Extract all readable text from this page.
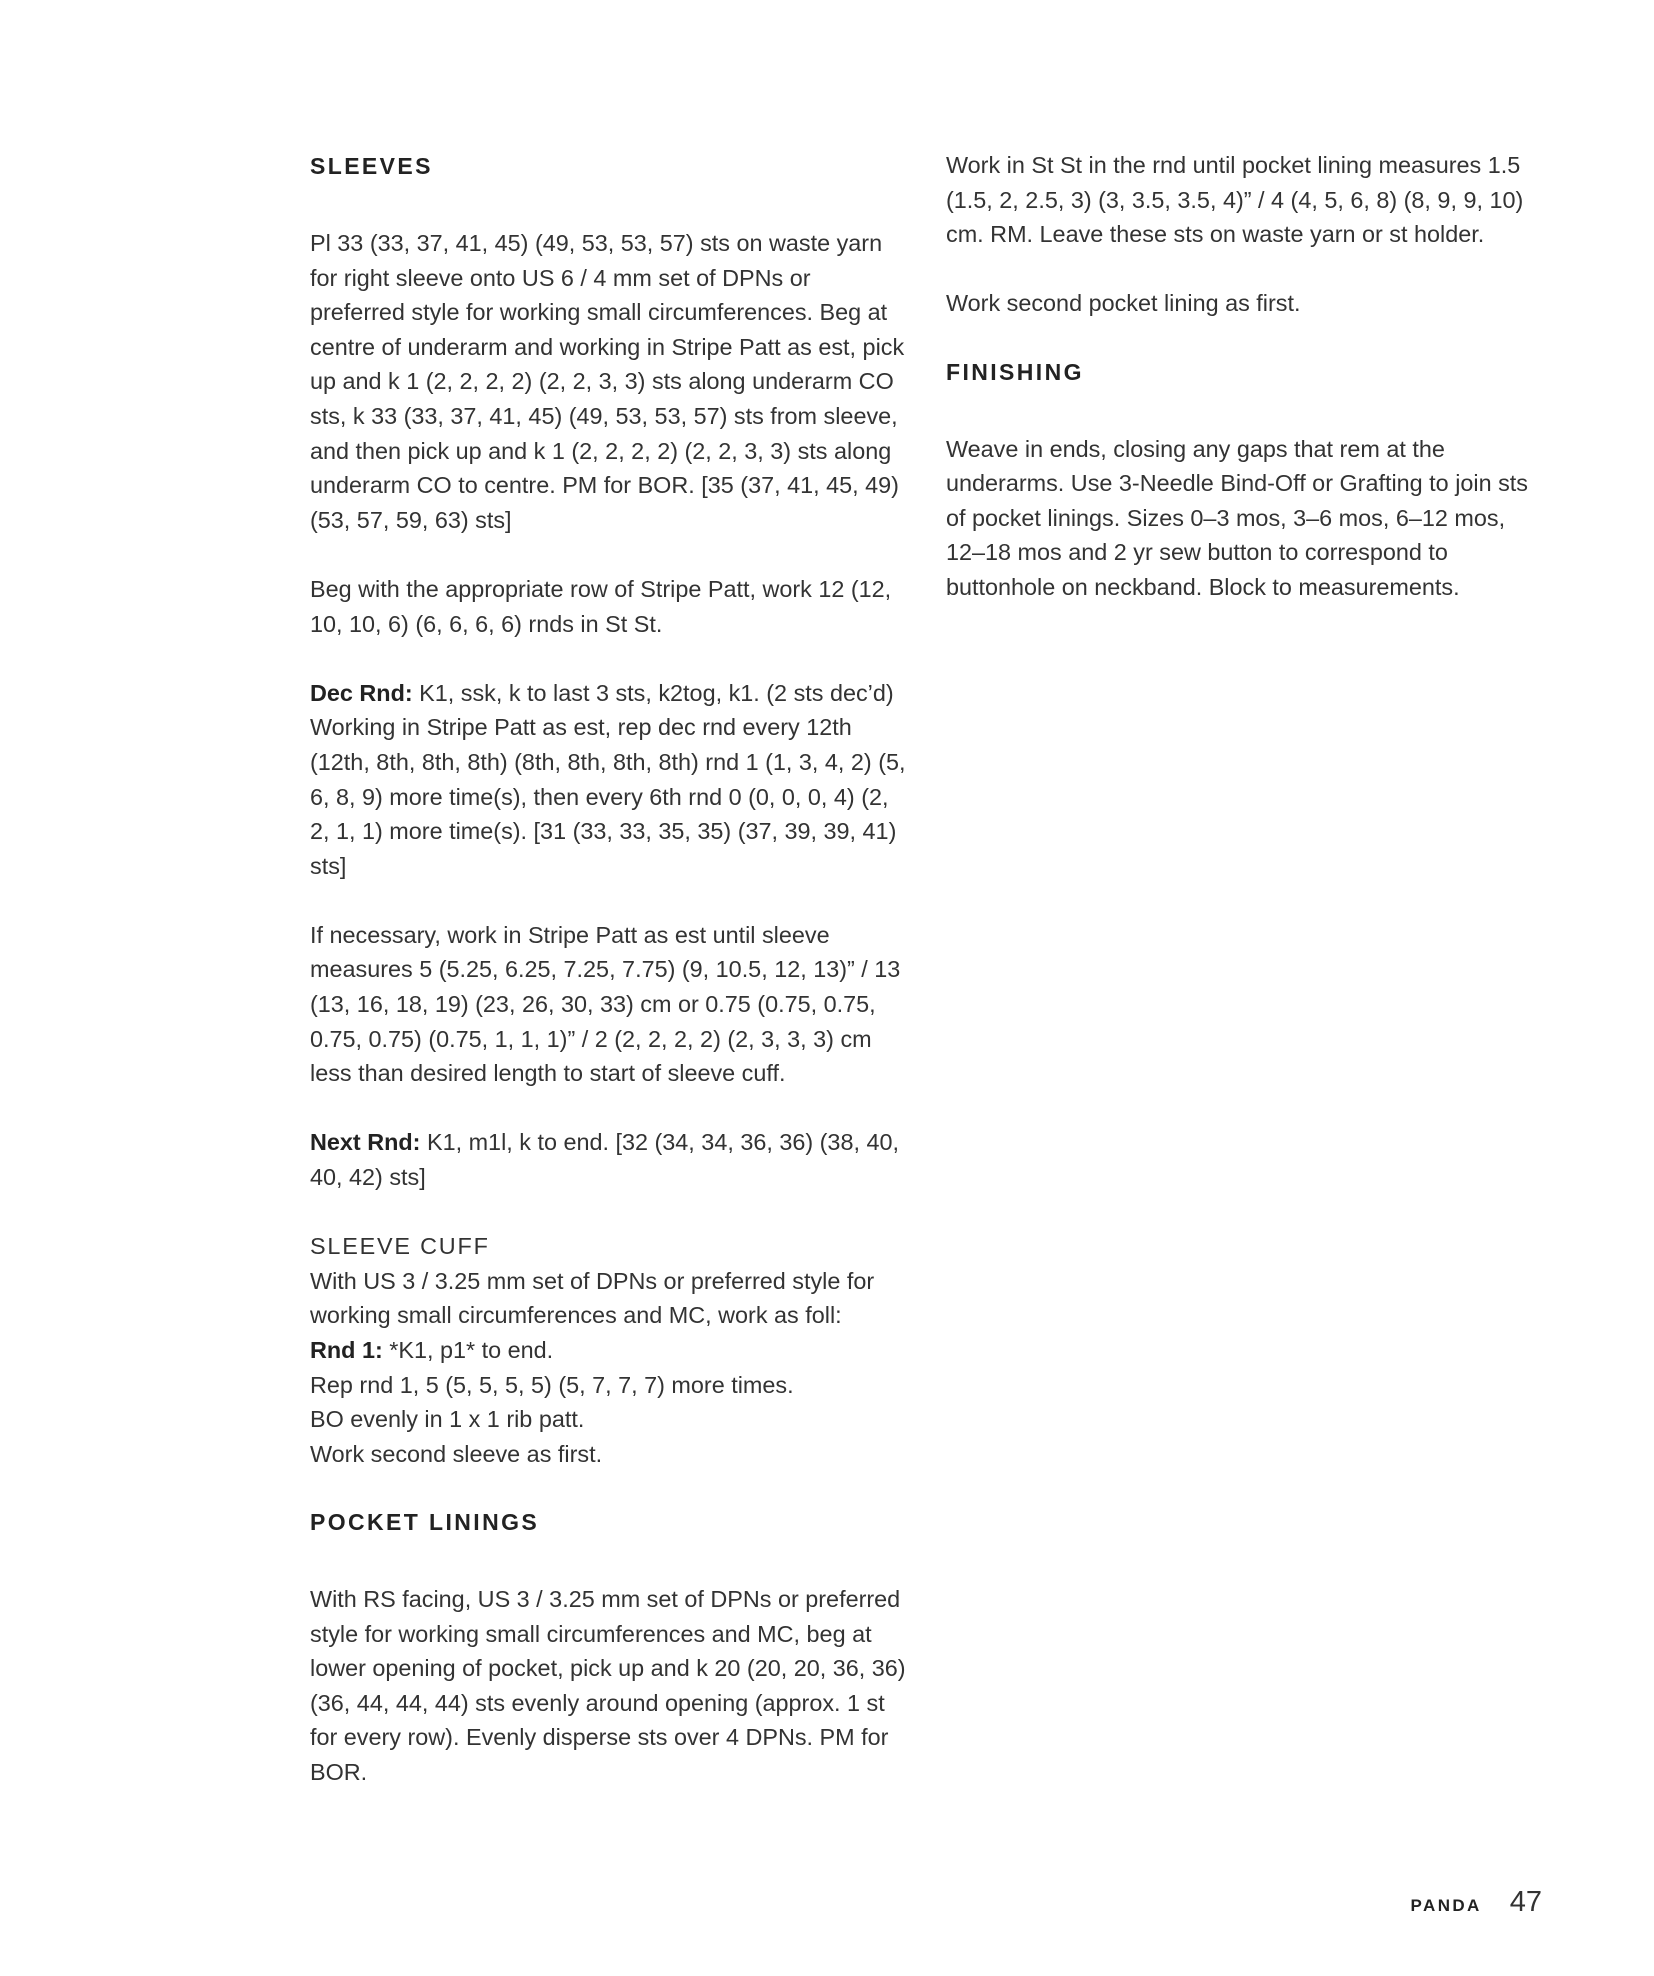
SLEEVES

Pl 33 (33, 37, 41, 45) (49, 53, 53, 57) sts on waste yarn for right sleeve onto US 6 / 4 mm set of DPNs or preferred style for working small circumferences. Beg at centre of underarm and working in Stripe Patt as est, pick up and k 1 (2, 2, 2, 2) (2, 2, 3, 3) sts along underarm CO sts, k 33 (33, 37, 41, 45) (49, 53, 53, 57) sts from sleeve, and then pick up and k 1 (2, 2, 2, 2) (2, 2, 3, 3) sts along underarm CO to centre. PM for BOR. [35 (37, 41, 45, 49) (53, 57, 59, 63) sts]

Beg with the appropriate row of Stripe Patt, work 12 (12, 10, 10, 6) (6, 6, 6, 6) rnds in St St.

Dec Rnd: K1, ssk, k to last 3 sts, k2tog, k1. (2 sts dec’d) Working in Stripe Patt as est, rep dec rnd every 12th (12th, 8th, 8th, 8th) (8th, 8th, 8th, 8th) rnd 1 (1, 3, 4, 2) (5, 6, 8, 9) more time(s), then every 6th rnd 0 (0, 0, 0, 4) (2, 2, 1, 1) more time(s). [31 (33, 33, 35, 35) (37, 39, 39, 41) sts]

If necessary, work in Stripe Patt as est until sleeve measures 5 (5.25, 6.25, 7.25, 7.75) (9, 10.5, 12, 13)” / 13 (13, 16, 18, 19) (23, 26, 30, 33) cm or 0.75 (0.75, 0.75, 0.75, 0.75) (0.75, 1, 1, 1)” / 2 (2, 2, 2, 2) (2, 3, 3, 3) cm less than desired length to start of sleeve cuff.

Next Rnd: K1, m1l, k to end. [32 (34, 34, 36, 36) (38, 40, 40, 42) sts]

SLEEVE CUFF
With US 3 / 3.25 mm set of DPNs or preferred style for working small circumferences and MC, work as foll:
Rnd 1: *K1, p1* to end.
Rep rnd 1, 5 (5, 5, 5, 5) (5, 7, 7, 7) more times.
BO evenly in 1 x 1 rib patt.
Work second sleeve as first.
POCKET LININGS

With RS facing, US 3 / 3.25 mm set of DPNs or preferred style for working small circumferences and MC, beg at lower opening of pocket, pick up and k 20 (20, 20, 36, 36) (36, 44, 44, 44) sts evenly around opening (approx. 1 st for every row). Evenly disperse sts over 4 DPNs. PM for BOR.

Work in St St in the rnd until pocket lining measures 1.5 (1.5, 2, 2.5, 3) (3, 3.5, 3.5, 4)” / 4 (4, 5, 6, 8) (8, 9, 9, 10) cm. RM. Leave these sts on waste yarn or st holder.

Work second pocket lining as first.

FINISHING

Weave in ends, closing any gaps that rem at the underarms. Use 3-Needle Bind-Off or Grafting to join sts of pocket linings. Sizes 0–3 mos, 3–6 mos, 6–12 mos, 12–18 mos and 2 yr sew button to correspond to buttonhole on neckband. Block to measurements.

PANDA 47
